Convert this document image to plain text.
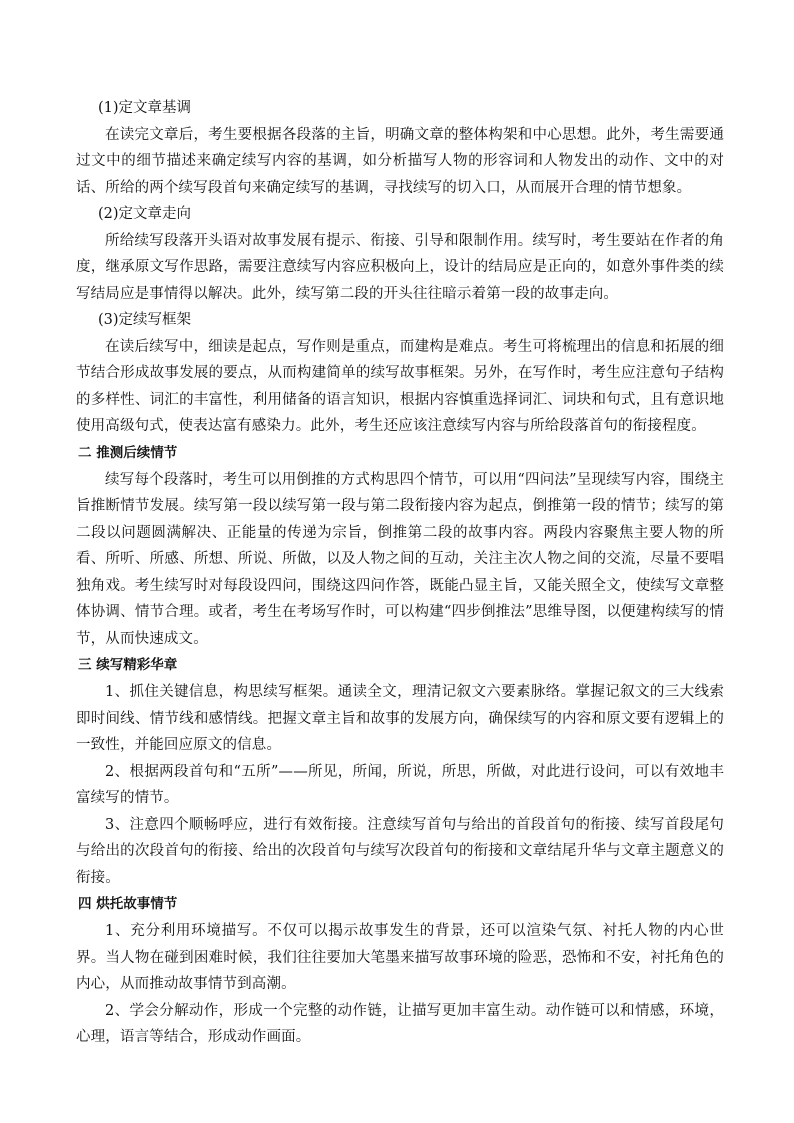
(1)定文章基调

在读完文章后，考生要根据各段落的主旨，明确文章的整体构架和中心思想。此外，考生需要通过文中的细节描述来确定续写内容的基调，如分析描写人物的形容词和人物发出的动作、文中的对话、所给的两个续写段首句来确定续写的基调，寻找续写的切入口，从而展开合理的情节想象。

(2)定文章走向

所给续写段落开头语对故事发展有提示、衔接、引导和限制作用。续写时，考生要站在作者的角度，继承原文写作思路，需要注意续写内容应积极向上，设计的结局应是正向的，如意外事件类的续写结局应是事情得以解决。此外，续写第二段的开头往往暗示着第一段的故事走向。

(3)定续写框架

在读后续写中，细读是起点，写作则是重点，而建构是难点。考生可将梳理出的信息和拓展的细节结合形成故事发展的要点，从而构建简单的续写故事框架。另外，在写作时，考生应注意句子结构的多样性、词汇的丰富性，利用储备的语言知识，根据内容慎重选择词汇、词块和句式，且有意识地使用高级句式，使表达富有感染力。此外，考生还应该注意续写内容与所给段落首句的衔接程度。

二 推测后续情节

续写每个段落时，考生可以用倒推的方式构思四个情节，可以用“四问法”呈现续写内容，围绕主旨推断情节发展。续写第一段以续写第一段与第二段衔接内容为起点，倒推第一段的情节；续写的第二段以问题圆满解决、正能量的传递为宗旨，倒推第二段的故事内容。两段内容聚焦主要人物的所看、所听、所感、所想、所说、所做，以及人物之间的互动，关注主次人物之间的交流，尽量不要唱独角戏。考生续写时对每段设四问，围绕这四问作答，既能凸显主旨，又能关照全文，使续写文章整体协调、情节合理。或者，考生在考场写作时，可以构建“四步倒推法”思维导图，以便建构续写的情节，从而快速成文。

三 续写精彩华章

1、抓住关键信息，构思续写框架。通读全文，理清记叙文六要素脉络。掌握记叙文的三大线索即时间线、情节线和感情线。把握文章主旨和故事的发展方向，确保续写的内容和原文要有逻辑上的一致性，并能回应原文的信息。

2、根据两段首句和“五所”——所见，所闻，所说，所思，所做，对此进行设问，可以有效地丰富续写的情节。

3、注意四个顺畅呼应，进行有效衔接。注意续写首句与给出的首段首句的衔接、续写首段尾句与给出的次段首句的衔接、给出的次段首句与续写次段首句的衔接和文章结尾升华与文章主题意义的衔接。

四 烘托故事情节

1、充分利用环境描写。不仅可以揭示故事发生的背景，还可以渲染气氛、衬托人物的内心世界。当人物在碰到困难时候，我们往往要加大笔墨来描写故事环境的险恶，恐怖和不安，衬托角色的内心，从而推动故事情节到高潮。

2、学会分解动作，形成一个完整的动作链，让描写更加丰富生动。动作链可以和情感，环境，心理，语言等结合，形成动作画面。
